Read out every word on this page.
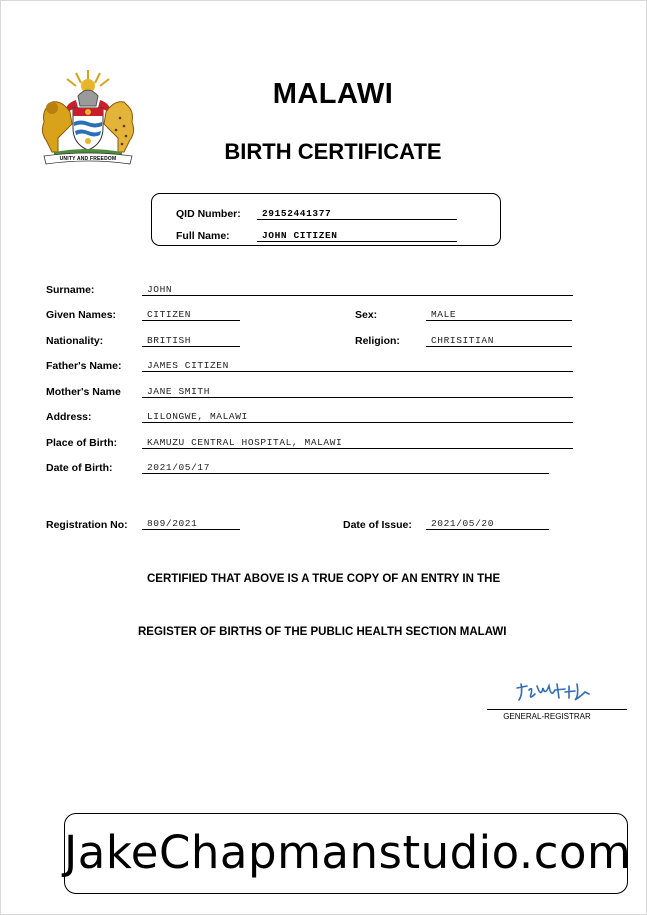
UNITY AND FREEDOM
MALAWI
BIRTH CERTIFICATE
QID Number:	29152441377
Full Name:	JOHN CITIZEN
Surname:	JOHN
Given Names:	CITIZEN	Sex:	MALE
Nationality:	BRITISH	Religion:	CHRISITIAN
Father's Name:	JAMES CITIZEN
Mother's Name	JANE SMITH
Address:	LILONGWE, MALAWI
Place of Birth:	KAMUZU CENTRAL HOSPITAL, MALAWI
Date of Birth:	2021/05/17
Registration No:	809/2021	Date of Issue:	2021/05/20
CERTIFIED THAT ABOVE IS A TRUE COPY OF AN ENTRY IN THE
REGISTER OF BIRTHS OF THE PUBLIC HEALTH SECTION MALAWI
GENERAL-REGISTRAR
JakeChapmanstudio.com
